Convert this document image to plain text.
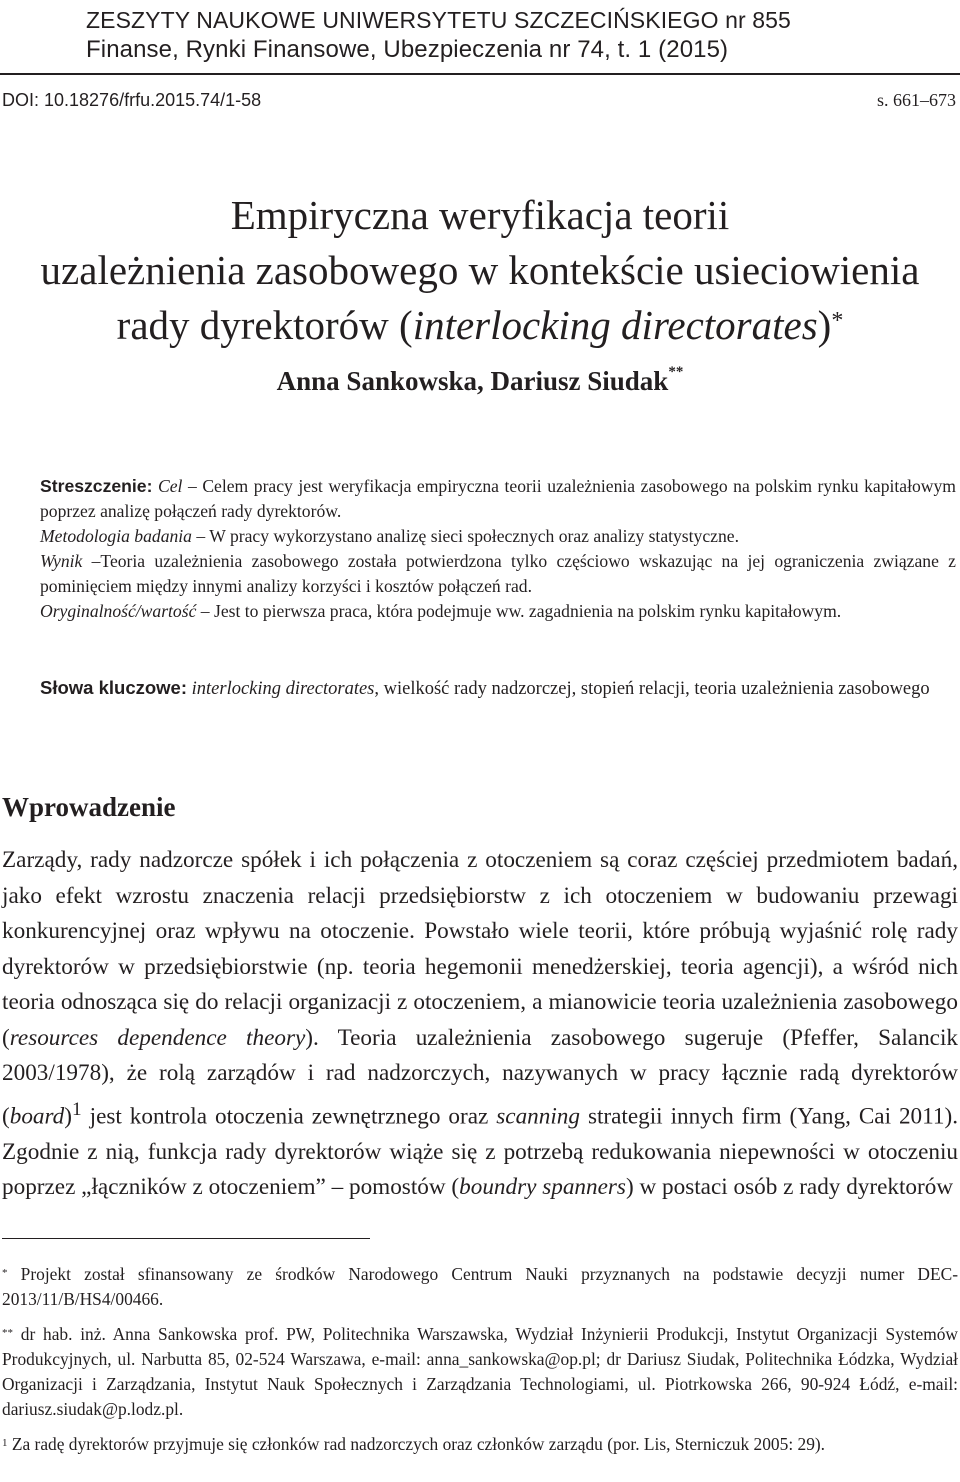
ZESZYTY NAUKOWE UNIWERSYTETU SZCZECIŃSKIEGO nr 855
Finanse, Rynki Finansowe, Ubezpieczenia nr 74, t. 1 (2015)
DOI: 10.18276/frfu.2015.74/1-58	s. 661–673
Empiryczna weryfikacja teorii
uzależnienia zasobowego w kontekście usieciowienia
rady dyrektorów (interlocking directorates)*
Anna Sankowska, Dariusz Siudak**

Streszczenie: Cel – Celem pracy jest weryfikacja empiryczna teorii uzależnienia zasobowego na polskim rynku kapitałowym poprzez analizę połączeń rady dyrektorów.

Metodologia badania – W pracy wykorzystano analizę sieci społecznych oraz analizy statystyczne.

Wynik –Teoria uzależnienia zasobowego została potwierdzona tylko częściowo wskazując na jej ograniczenia związane z pominięciem między innymi analizy korzyści i kosztów połączeń rad.

Oryginalność/wartość – Jest to pierwsza praca, która podejmuje ww. zagadnienia na polskim rynku kapitałowym.

Słowa kluczowe: interlocking directorates, wielkość rady nadzorczej, stopień relacji, teoria uzależnienia zasobowego
Wprowadzenie

Zarządy, rady nadzorcze spółek i ich połączenia z otoczeniem są coraz częściej przedmiotem badań, jako efekt wzrostu znaczenia relacji przedsiębiorstw z ich otoczeniem w budowaniu przewagi konkurencyjnej oraz wpływu na otoczenie. Powstało wiele teorii, które próbują wyjaśnić rolę rady dyrektorów w przedsiębiorstwie (np. teoria hegemonii menedżerskiej, teoria agencji), a wśród nich teoria odnosząca się do relacji organizacji z otoczeniem, a mianowicie teoria uzależnienia zasobowego (resources dependence theory). Teoria uzależnienia zasobowego sugeruje (Pfeffer, Salancik 2003/1978), że rolą zarządów i rad nadzorczych, nazywanych w pracy łącznie radą dyrektorów (board)$^1$ jest kontrola otoczenia zewnętrznego oraz scanning strategii innych firm (Yang, Cai 2011). Zgodnie z nią, funkcja rady dyrektorów wiąże się z potrzebą redukowania niepewności w otoczeniu poprzez „łączników z otoczeniem” – pomostów (boundry spanners) w postaci osób z rady dyrektorów

* Projekt został sfinansowany ze środków Narodowego Centrum Nauki przyznanych na podstawie decyzji numer DEC-2013/11/B/HS4/00466.

** dr hab. inż. Anna Sankowska prof. PW, Politechnika Warszawska, Wydział Inżynierii Produkcji, Instytut Organizacji Systemów Produkcyjnych, ul. Narbutta 85, 02-524 Warszawa, e-mail: anna_sankowska@op.pl; dr Dariusz Siudak, Politechnika Łódzka, Wydział Organizacji i Zarządzania, Instytut Nauk Społecznych i Zarządzania Technologiami, ul. Piotrkowska 266, 90-924 Łódź, e-mail: dariusz.siudak@p.lodz.pl.

$^1$ Za radę dyrektorów przyjmuje się członków rad nadzorczych oraz członków zarządu (por. Lis, Sterniczuk 2005: 29).
